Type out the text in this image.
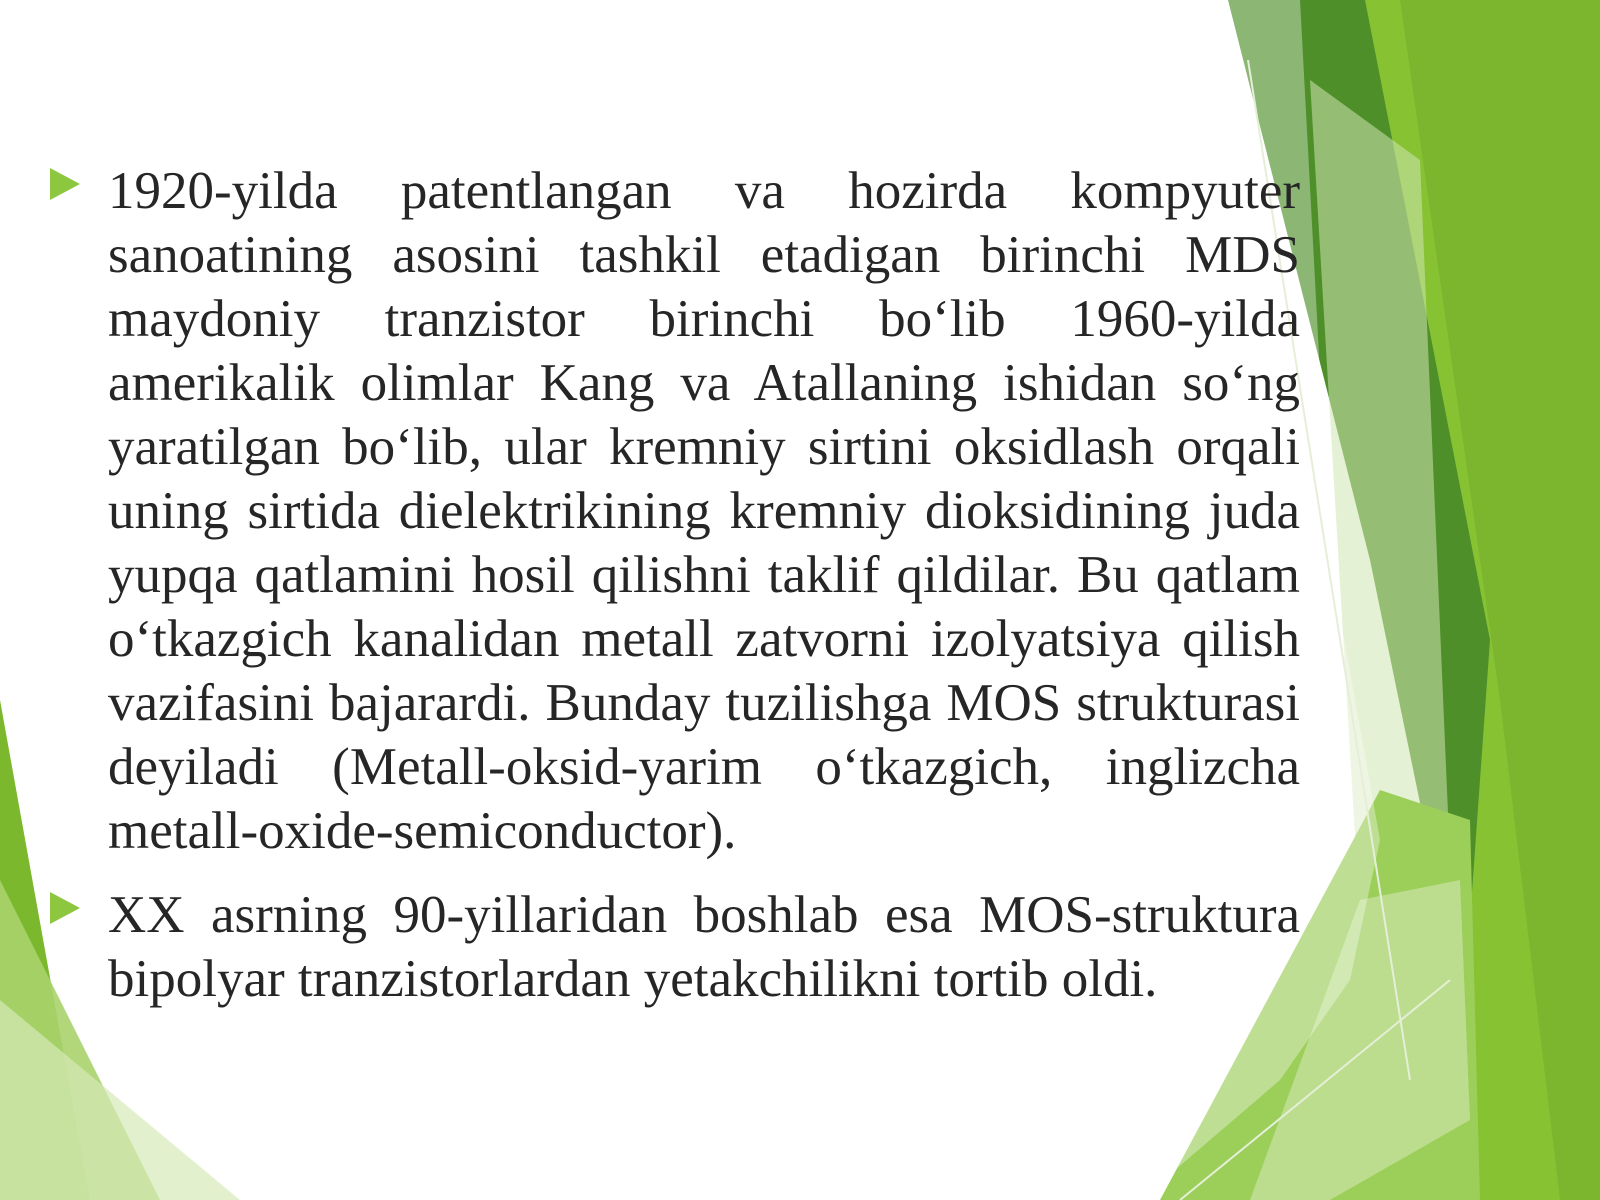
1920-yilda patentlangan va hozirda kompyuter sanoatining asosini tashkil etadigan birinchi MDS maydoniy tranzistor birinchi bo‘lib 1960-yilda amerikalik olimlar Kang va Atallaning ishidan so‘ng yaratilgan bo‘lib, ular kremniy sirtini oksidlash orqali uning sirtida dielektrikining kremniy dioksidining juda yupqa qatlamini hosil qilishni taklif qildilar. Bu qatlam o‘tkazgich kanalidan metall zatvorni izolyatsiya qilish vazifasini bajarardi. Bunday tuzilishga MOS strukturasi deyiladi (Metall-oksid-yarim o‘tkazgich, inglizcha metall-oxide-semiconductor).
XX asrning 90-yillaridan boshlab esa MOS-struktura bipolyar tranzistorlardan yetakchilikni tortib oldi.
